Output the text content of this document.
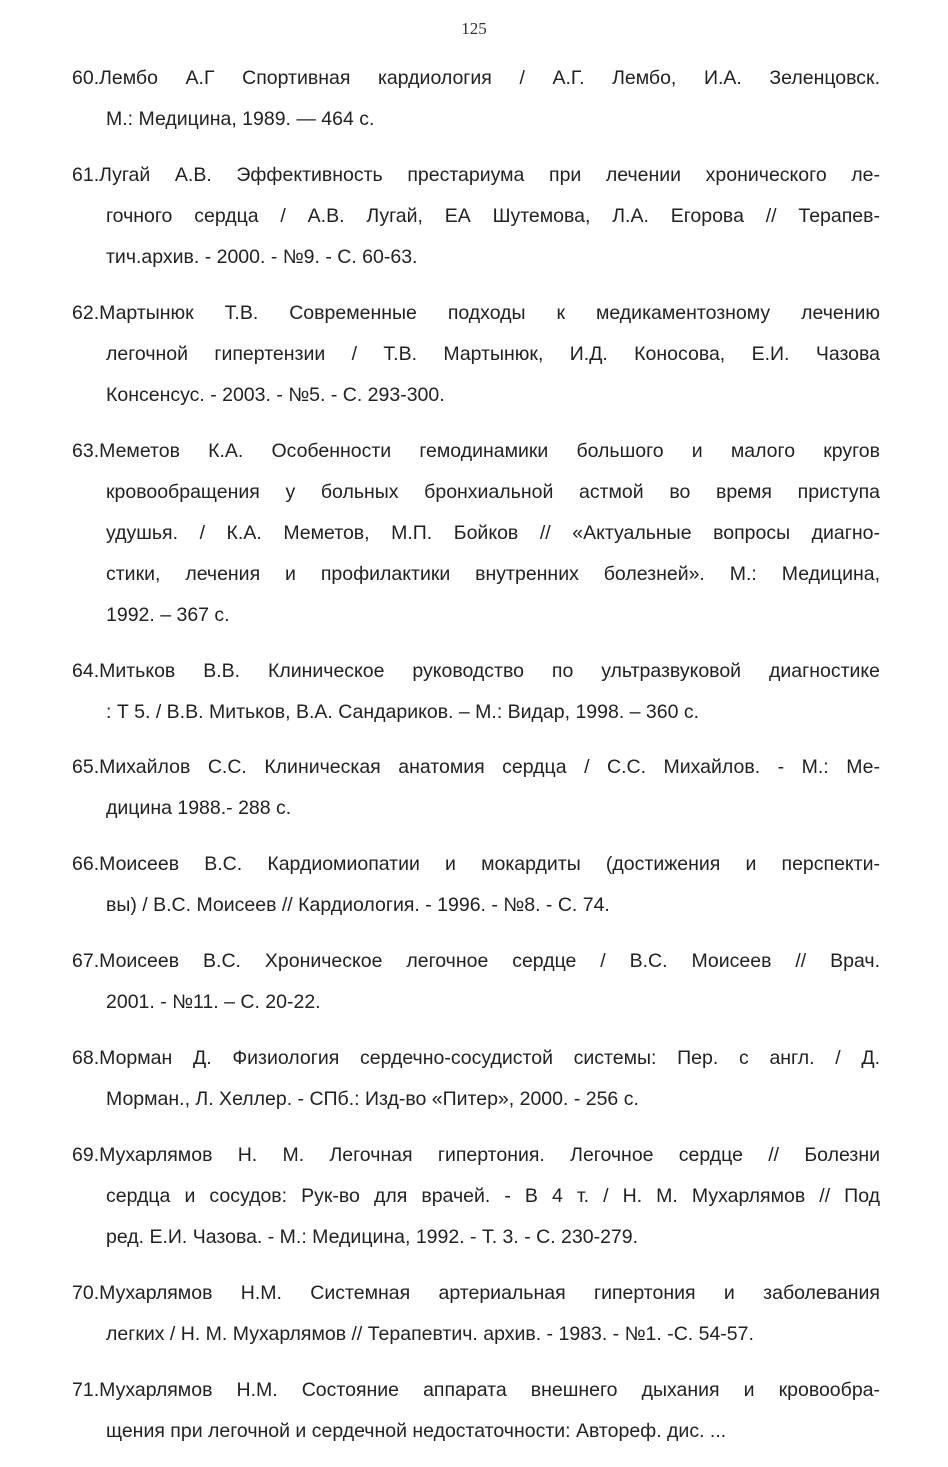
125
60.Лембо А.Г Спортивная кардиология / А.Г. Лембо, И.А. Зеленцовск.
М.: Медицина, 1989. — 464 с.
61.Лугай А.В. Эффективность престариума при лечении хронического ле-
гочного сердца / А.В. Лугай, ЕА Шутемова, Л.А. Егорова // Терапев-
тич.архив. - 2000. - №9. - С. 60-63.
62.Мартынюк Т.В. Современные подходы к медикаментозному лечению
легочной гипертензии / Т.В. Мартынюк, И.Д. Коносова, Е.И. Чазова
Консенсус. - 2003. - №5. - С. 293-300.
63.Меметов К.А. Особенности гемодинамики большого и малого кругов
кровообращения у больных бронхиальной астмой во время приступа
удушья. / К.А. Меметов, М.П. Бойков // «Актуальные вопросы диагно-
стики, лечения и профилактики внутренних болезней». М.: Медицина,
1992. – 367 с.
64.Митьков В.В. Клиническое руководство по ультразвуковой диагностике
: Т 5. / В.В. Митьков, В.А. Сандариков. – М.: Видар, 1998. – 360 с.
65.Михайлов С.С. Клиническая анатомия сердца / С.С. Михайлов. - М.: Ме-
дицина 1988.- 288 с.
66.Моисеев В.С. Кардиомиопатии и мокардиты (достижения и перспекти-
вы) / В.С. Моисеев // Кардиология. - 1996. - №8. - С. 74.
67.Моисеев В.С. Хроническое легочное сердце / В.С. Моисеев // Врач.
2001. - №11. – С. 20-22.
68.Морман Д. Физиология сердечно-сосудистой системы: Пер. с англ. / Д.
Морман., Л. Хеллер. - СПб.: Изд-во «Питер», 2000. - 256 с.
69.Мухарлямов Н. М. Легочная гипертония. Легочное сердце // Болезни
сердца и сосудов: Рук-во для врачей. - В 4 т. / Н. М. Мухарлямов // Под
ред. Е.И. Чазова. - М.: Медицина, 1992. - Т. 3. - С. 230-279.
70.Мухарлямов Н.М. Системная артериальная гипертония и заболевания
легких / Н. М. Мухарлямов // Терапевтич. архив. - 1983. - №1. -С. 54-57.
71.Мухарлямов Н.М. Состояние аппарата внешнего дыхания и кровообра-
щения при легочной и сердечной недостаточности: Автореф. дис. ...
